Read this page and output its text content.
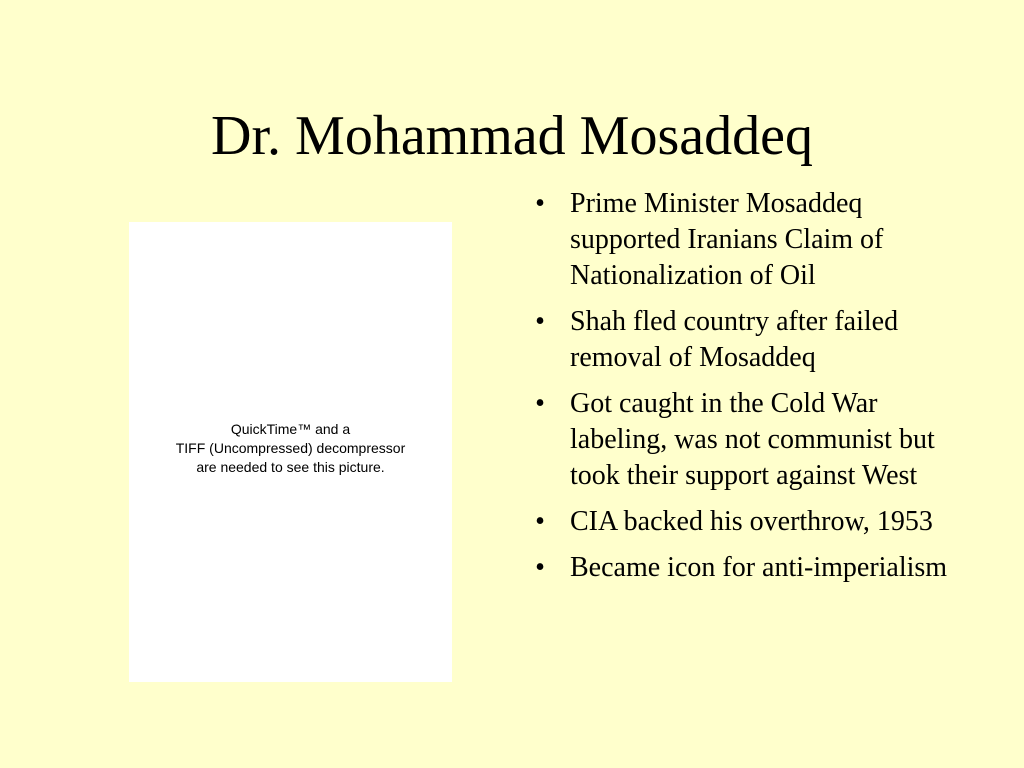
Dr. Mohammad Mosaddeq
QuickTime™ and a
TIFF (Uncompressed) decompressor
are needed to see this picture.
• Prime Minister Mosaddeq supported Iranians Claim of Nationalization of Oil
• Shah fled country after failed removal of Mosaddeq
• Got caught in the Cold War labeling, was not communist but took their support against West
• CIA backed his overthrow, 1953
• Became icon for anti-imperialism
